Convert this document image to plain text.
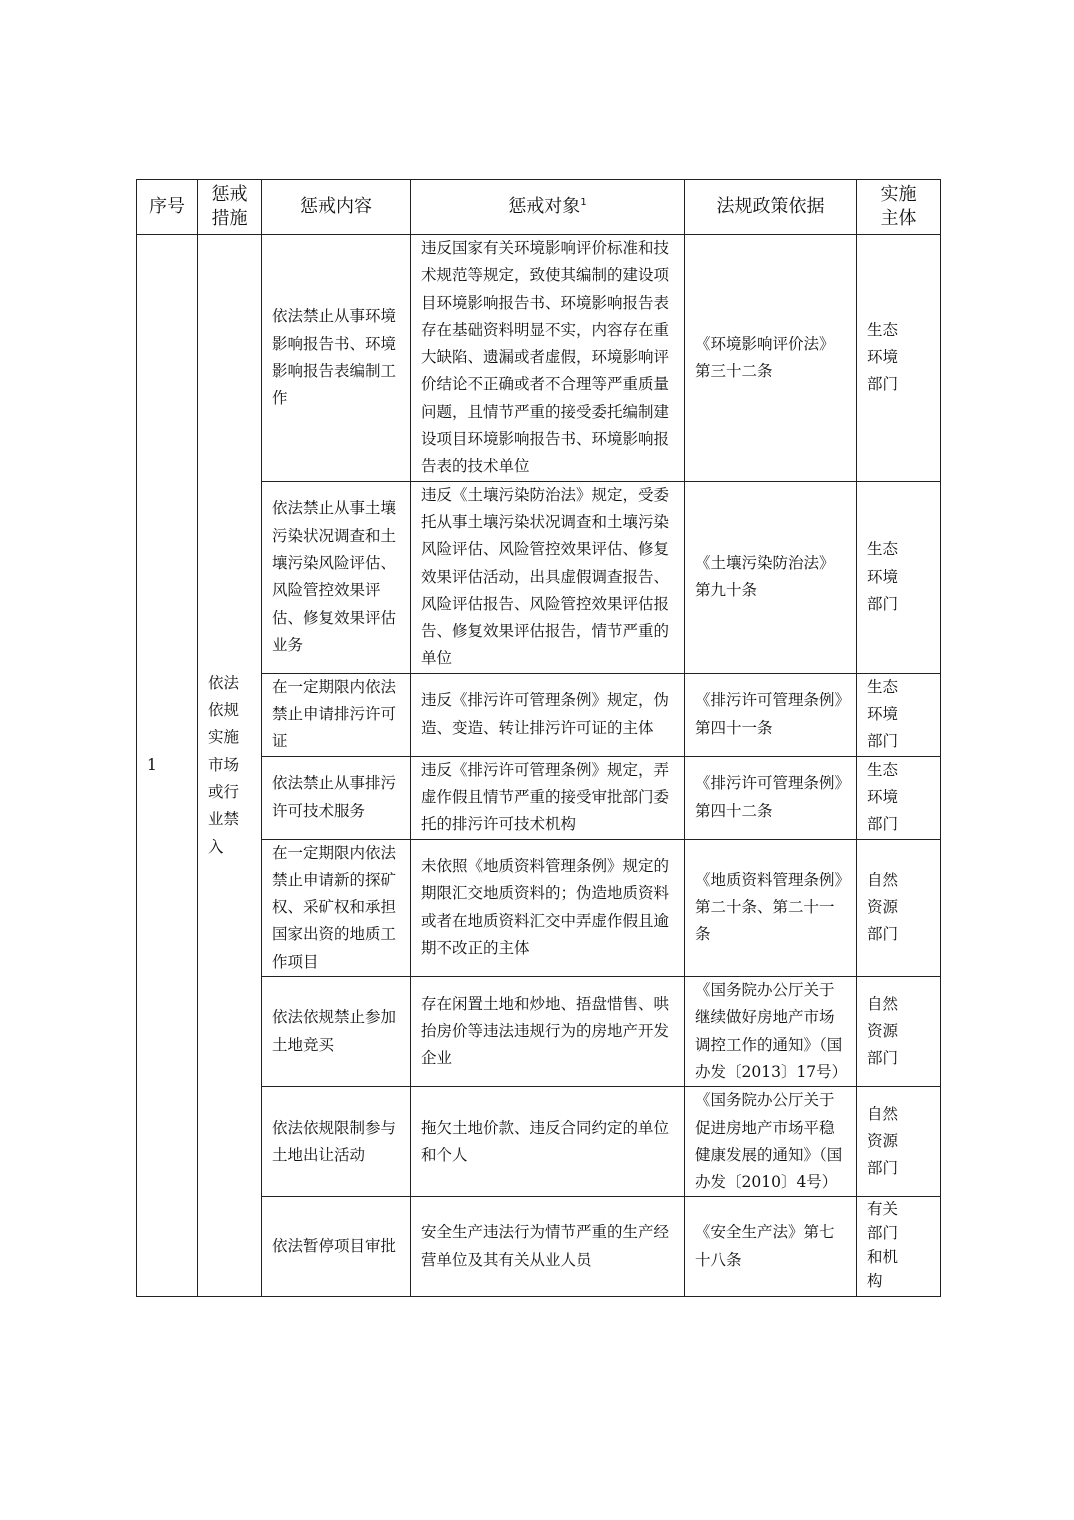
序号	惩戒 措施	惩戒内容	惩戒对象$^1$	法规政策依据	实施 主体
1	依法 依规 实施 市场 或行 业禁 入	依法禁止从事环境影响报告书、环境影响报告表编制工作	违反国家有关环境影响评价标准和技术规范等规定，致使其编制的建设项目环境影响报告书、环境影响报告表存在基础资料明显不实，内容存在重大缺陷、遗漏或者虚假，环境影响评价结论不正确或者不合理等严重质量问题，且情节严重的接受委托编制建设项目环境影响报告书、环境影响报告表的技术单位	《环境影响评价法》第三十二条	生态环境部门
		依法禁止从事土壤污染状况调查和土壤污染风险评估、风险管控效果评估、修复效果评估业务	违反《土壤污染防治法》规定，受委托从事土壤污染状况调查和土壤污染风险评估、风险管控效果评估、修复效果评估活动，出具虚假调查报告、风险评估报告、风险管控效果评估报告、修复效果评估报告，情节严重的单位	《土壤污染防治法》第九十条	生态环境部门
		在一定期限内依法禁止申请排污许可证	违反《排污许可管理条例》规定，伪造、变造、转让排污许可证的主体	《排污许可管理条例》第四十一条	生态环境部门
		依法禁止从事排污许可技术服务	违反《排污许可管理条例》规定，弄虚作假且情节严重的接受审批部门委托的排污许可技术机构	《排污许可管理条例》第四十二条	生态环境部门
		在一定期限内依法禁止申请新的探矿权、采矿权和承担国家出资的地质工作项目	未依照《地质资料管理条例》规定的期限汇交地质资料的；伪造地质资料或者在地质资料汇交中弄虚作假且逾期不改正的主体	《地质资料管理条例》第二十条、第二十一条	自然资源部门
		依法依规禁止参加土地竞买	存在闲置土地和炒地、捂盘惜售、哄抬房价等违法违规行为的房地产开发企业	《国务院办公厅关于继续做好房地产市场调控工作的通知》（国办发〔2013〕17号）	自然资源部门
		依法依规限制参与土地出让活动	拖欠土地价款、违反合同约定的单位和个人	《国务院办公厅关于促进房地产市场平稳健康发展的通知》（国办发〔2010〕4号）	自然资源部门
		依法暂停项目审批	安全生产违法行为情节严重的生产经营单位及其有关从业人员	《安全生产法》第七十八条	有关部门和机构
